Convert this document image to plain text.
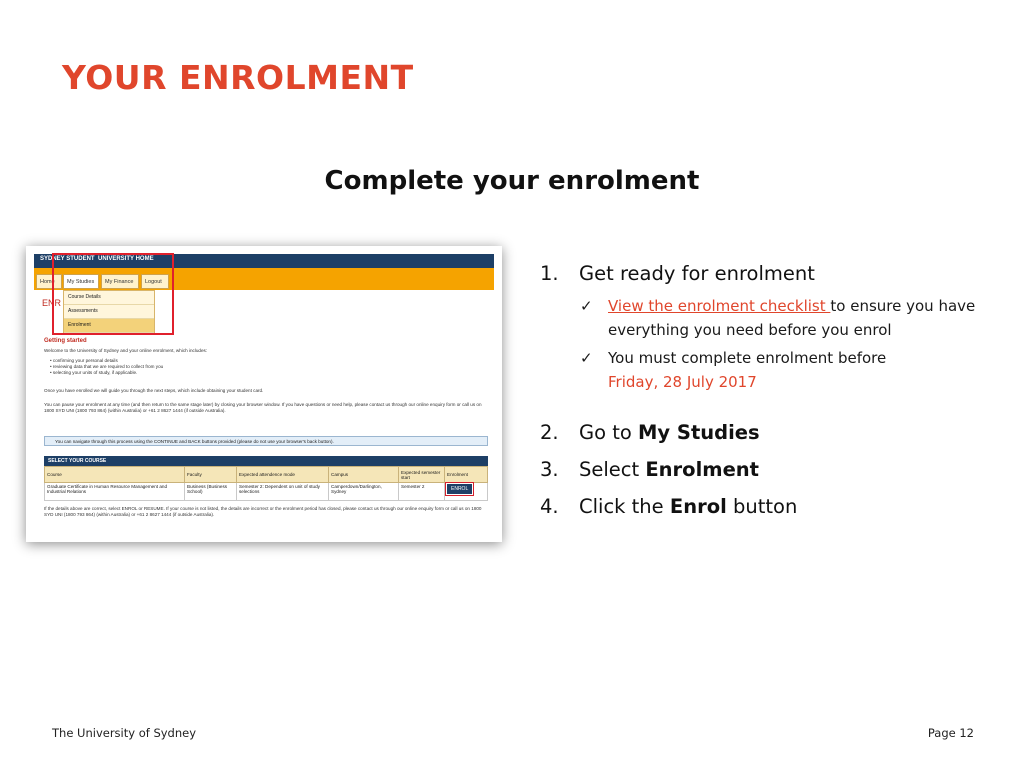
YOUR ENROLMENT
Complete your enrolment
SYDNEY STUDENT UNIVERSITY HOME
Home	My Studies	My Finance	Logout
ENR
Course Details
Assessments
Enrolment
Getting started
Welcome to the University of Sydney and your online enrolment, which includes:
• confirming your personal details
• reviewing data that we are required to collect from you
• selecting your units of study, if applicable.
Once you have enrolled we will guide you through the next steps, which include obtaining your student card.
You can pause your enrolment at any time (and then return to the same stage later) by closing your browser window. If you have questions or need help, please contact us through our online enquiry form or call us on 1800 SYD UNI (1800 793 864) (within Australia) or +61 2 8627 1444 (if outside Australia).
You can navigate through this process using the CONTINUE and BACK buttons provided (please do not use your browser's back button).
SELECT YOUR COURSE
Course	Faculty	Expected attendence mode	Campus	Expected semester start	Enrolment
Graduate Certificate in Human Resource Management and Industrial Relations	Business (Business School)	Semester 2: Dependent on unit of study selections	Camperdown/Darlington, Sydney	Semester 2	ENROL
If the details above are correct, select ENROL or RESUME. If your course is not listed, the details are incorrect or the enrolment period has closed, please contact us through our online enquiry form or call us on 1800 SYD UNI (1800 793 864) (within Australia) or +61 2 8627 1444 (if outside Australia).
1. Get ready for enrolment
✓ View the enrolment checklist to ensure you have everything you need before you enrol
✓ You must complete enrolment before
Friday, 28 July 2017
2. Go to My Studies
3. Select Enrolment
4. Click the Enrol button
The University of Sydney	Page 12
